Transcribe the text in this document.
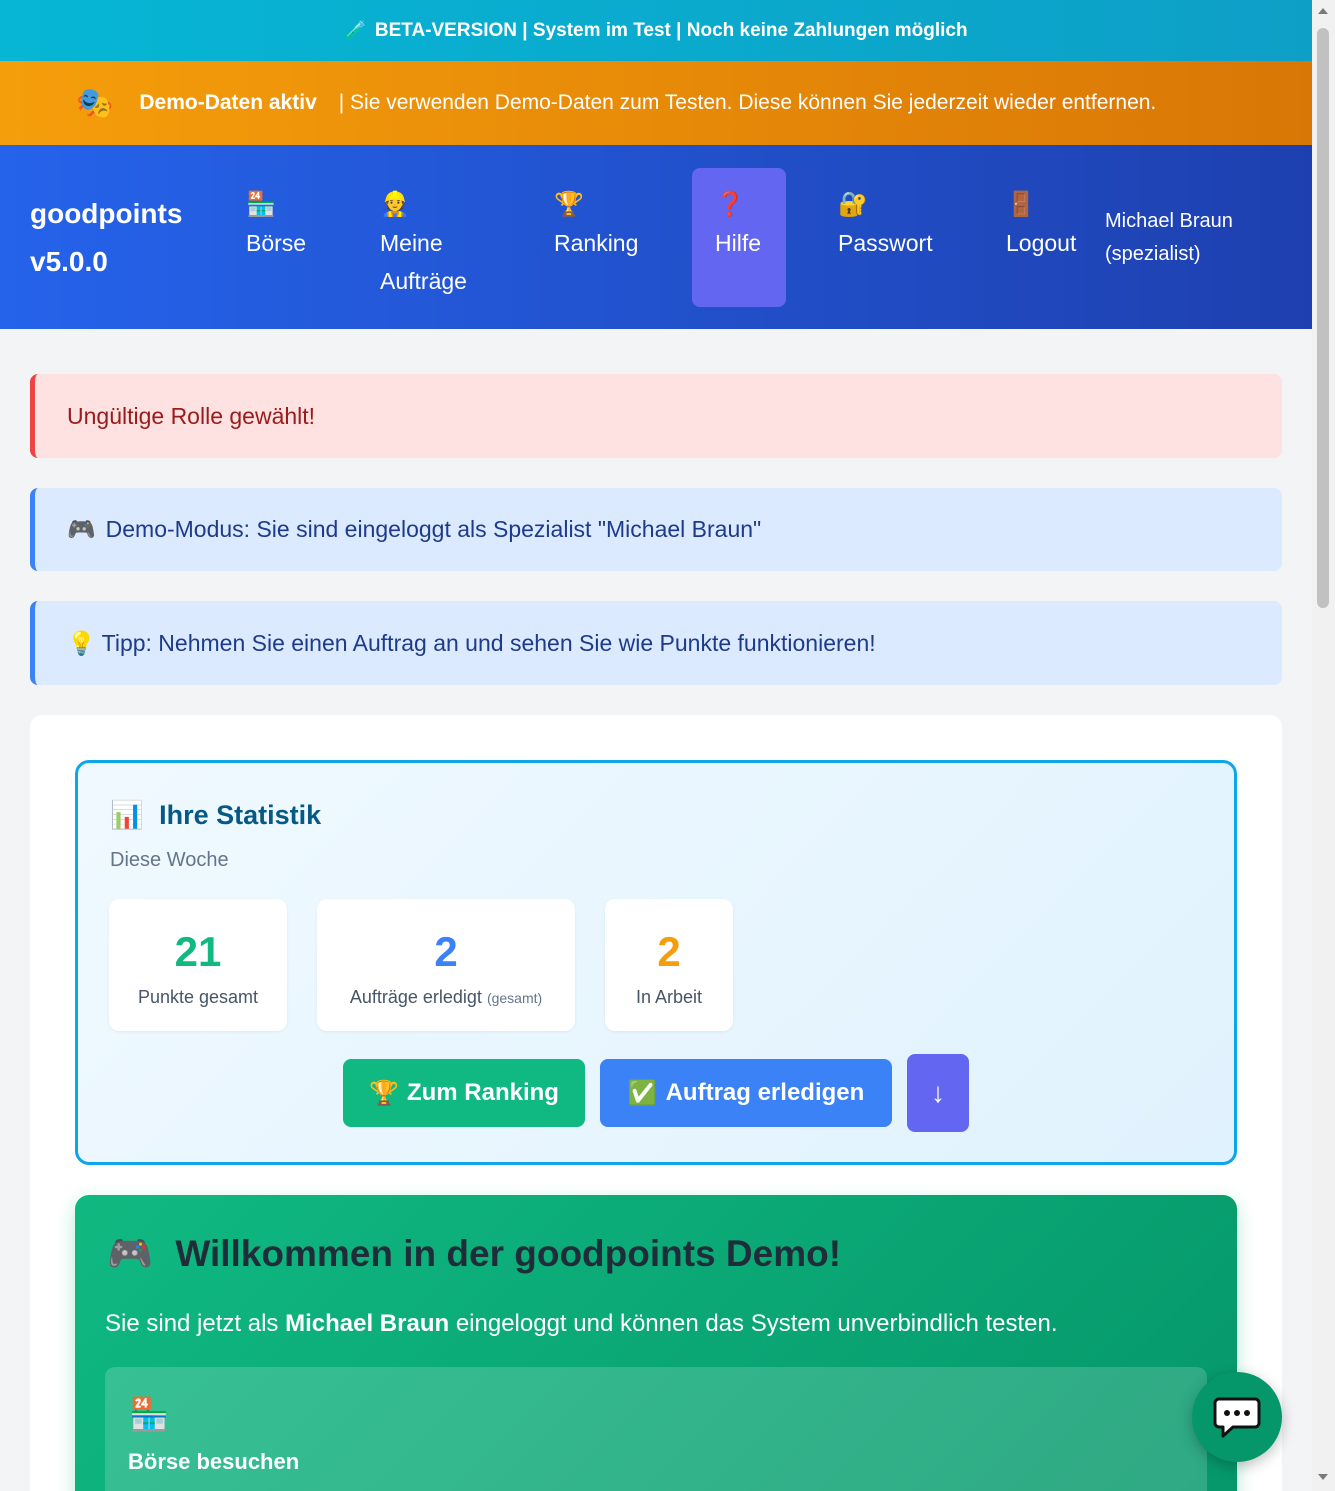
🧪 BETA-VERSION | System im Test | Noch keine Zahlungen möglich
🎭 Demo-Daten aktiv | Sie verwenden Demo-Daten zum Testen. Diese können Sie jederzeit wieder entfernen.
goodpoints
v5.0.0
🏪
Börse
👷
Meine Aufträge
🏆
Ranking
❓
Hilfe
🔐
Passwort
🚪
Logout
Michael Braun
(spezialist)
Ungültige Rolle gewählt!
🎮 Demo-Modus: Sie sind eingeloggt als Spezialist "Michael Braun"
💡 Tipp: Nehmen Sie einen Auftrag an und sehen Sie wie Punkte funktionieren!
📊 Ihre Statistik
Diese Woche
21
Punkte gesamt
2
Aufträge erledigt (gesamt)
2
In Arbeit
🏆 Zum Ranking	✅ Auftrag erledigen ↓
🎮 Willkommen in der goodpoints Demo!
Sie sind jetzt als Michael Braun eingeloggt und können das System unverbindlich testen.
🏪
Börse besuchen
